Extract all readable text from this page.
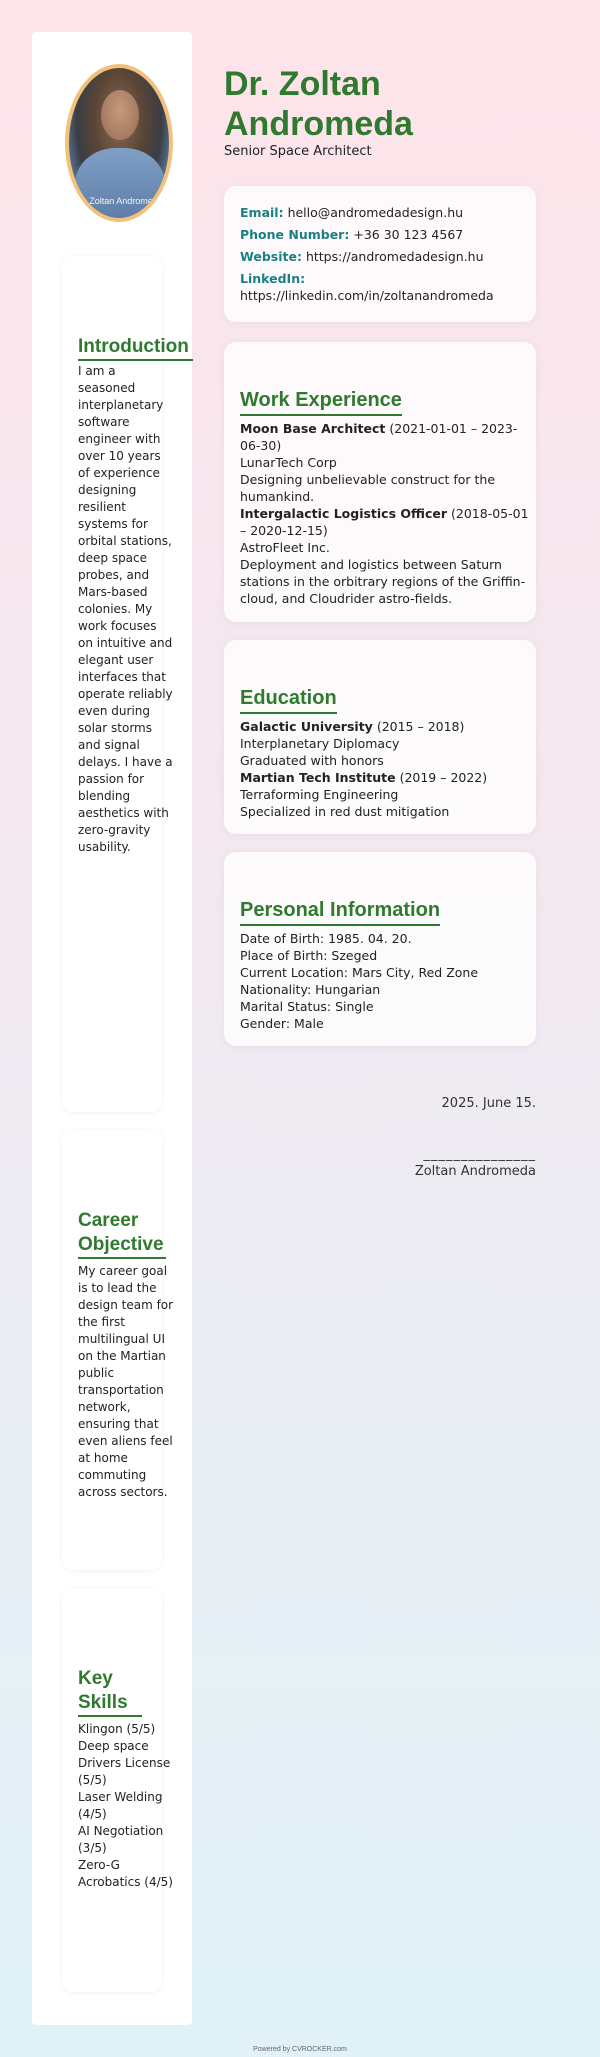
Dr. Zoltan Andromeda
Introduction
I am a seasoned interplanetary software engineer with over 10 years of experience designing resilient systems for orbital stations, deep space probes, and Mars-based colonies. My work focuses on intuitive and elegant user interfaces that operate reliably even during solar storms and signal delays. I have a passion for blending aesthetics with zero-gravity usability.
Career Objective
My career goal is to lead the design team for the first multilingual UI on the Martian public transportation network, ensuring that even aliens feel at home commuting across sectors.
Key Skills
Klingon (5/5)
Deep space Drivers License (5/5)
Laser Welding (4/5)
AI Negotiation (3/5)
Zero-G Acrobatics (4/5)
Dr. Zoltan Andromeda
Senior Space Architect
Email: hello@andromedadesign.hu
Phone Number: +36 30 123 4567
Website: https://andromedadesign.hu
LinkedIn:
https://linkedin.com/in/zoltanandromeda
Work Experience
Moon Base Architect (2021-01-01 – 2023-06-30)
LunarTech Corp
Designing unbelievable construct for the humankind.
Intergalactic Logistics Officer (2018-05-01 – 2020-12-15)
AstroFleet Inc.
Deployment and logistics between Saturn stations in the orbitrary regions of the Griffin-cloud, and Cloudrider astro-fields.
Education
Galactic University (2015 – 2018)
Interplanetary Diplomacy
Graduated with honors
Martian Tech Institute (2019 – 2022)
Terraforming Engineering
Specialized in red dust mitigation
Personal Information
Date of Birth: 1985. 04. 20.
Place of Birth: Szeged
Current Location: Mars City, Red Zone
Nationality: Hungarian
Marital Status: Single
Gender: Male
2025. June 15.
_______________
Zoltan Andromeda
Powered by CVROCKER.com
